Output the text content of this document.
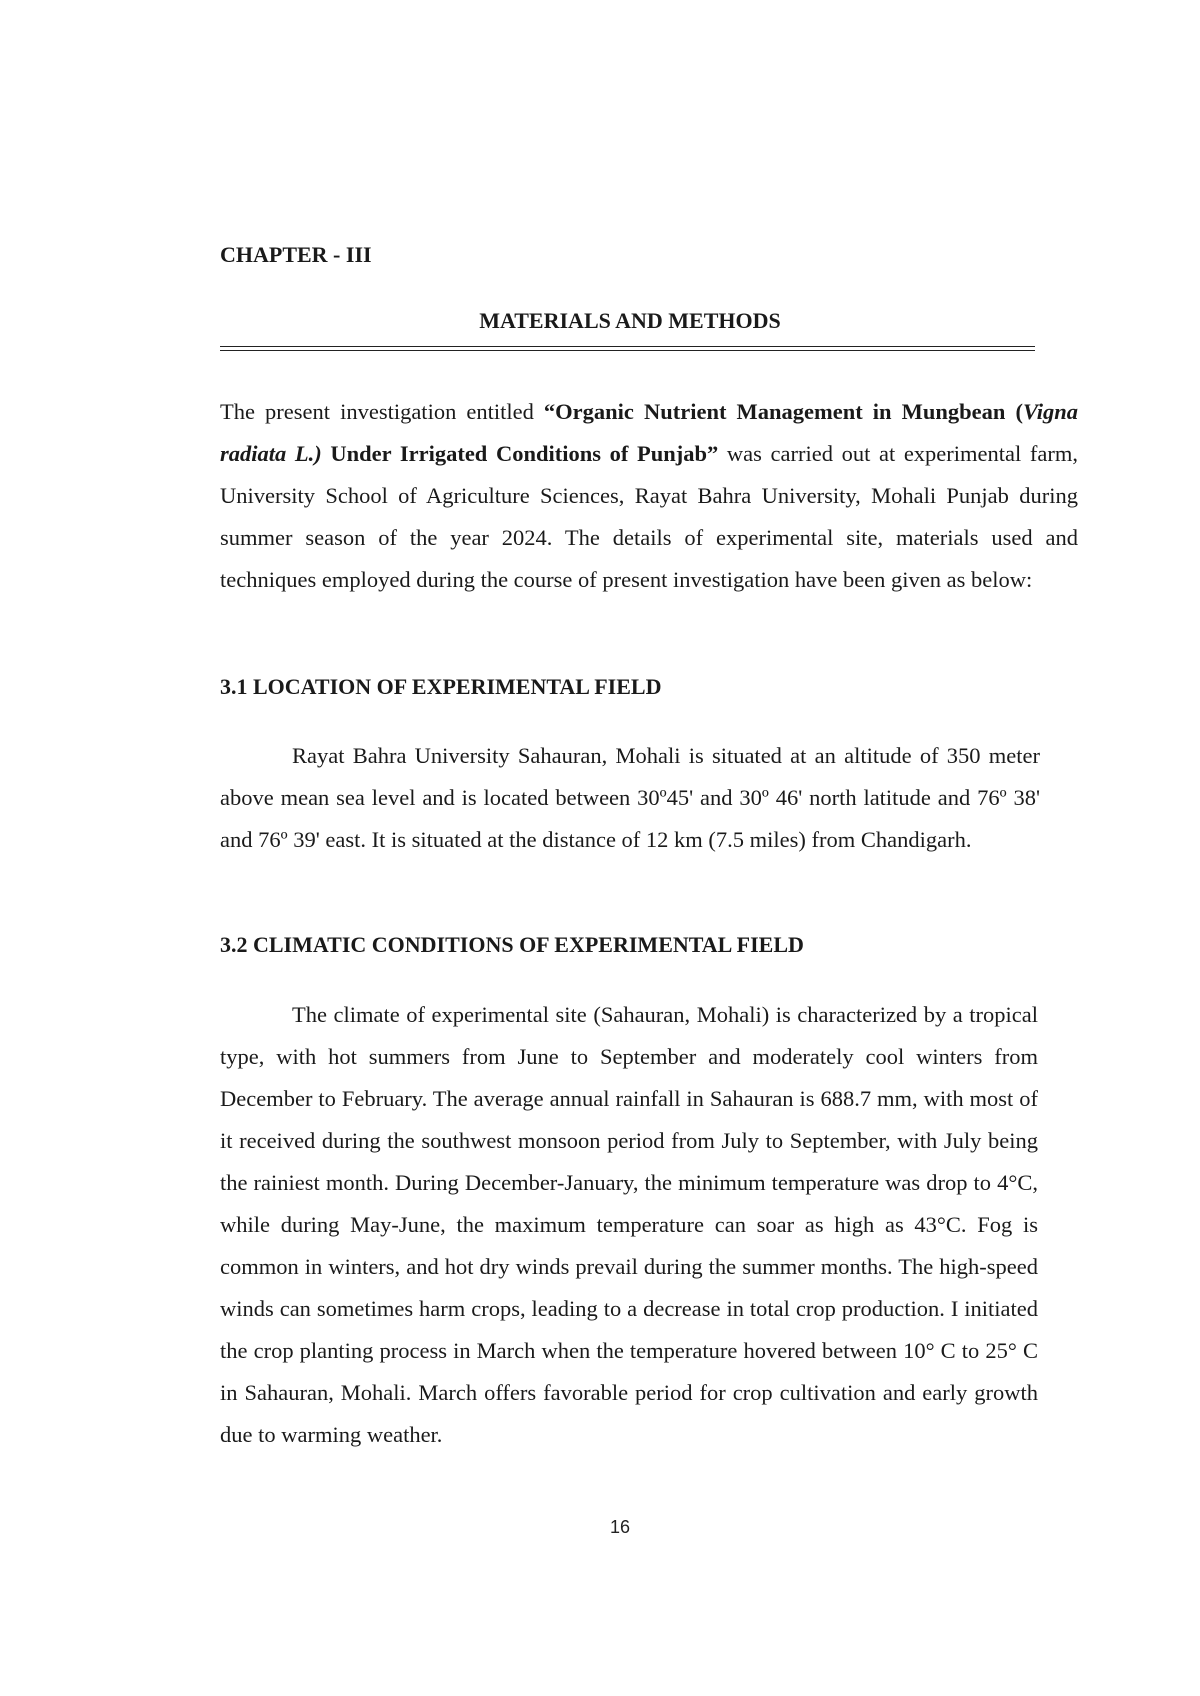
CHAPTER - III
MATERIALS AND METHODS

The present investigation entitled “Organic Nutrient Management in Mungbean (Vigna radiata L.) Under Irrigated Conditions of Punjab” was carried out at experimental farm, University School of Agriculture Sciences, Rayat Bahra University, Mohali Punjab during summer season of the year 2024. The details of experimental site, materials used and techniques employed during the course of present investigation have been given as below:

3.1 LOCATION OF EXPERIMENTAL FIELD

Rayat Bahra University Sahauran, Mohali is situated at an altitude of 350 meter above mean sea level and is located between 30º45' and 30º 46' north latitude and 76º 38' and 76º 39' east. It is situated at the distance of 12 km (7.5 miles) from Chandigarh.

3.2 CLIMATIC CONDITIONS OF EXPERIMENTAL FIELD

The climate of experimental site (Sahauran, Mohali) is characterized by a tropical type, with hot summers from June to September and moderately cool winters from December to February. The average annual rainfall in Sahauran is 688.7 mm, with most of it received during the southwest monsoon period from July to September, with July being the rainiest month. During December-January, the minimum temperature was drop to 4°C, while during May-June, the maximum temperature can soar as high as 43°C. Fog is common in winters, and hot dry winds prevail during the summer months. The high-speed winds can sometimes harm crops, leading to a decrease in total crop production. I initiated the crop planting process in March when the temperature hovered between 10° C to 25° C in Sahauran, Mohali. March offers favorable period for crop cultivation and early growth due to warming weather.

16
